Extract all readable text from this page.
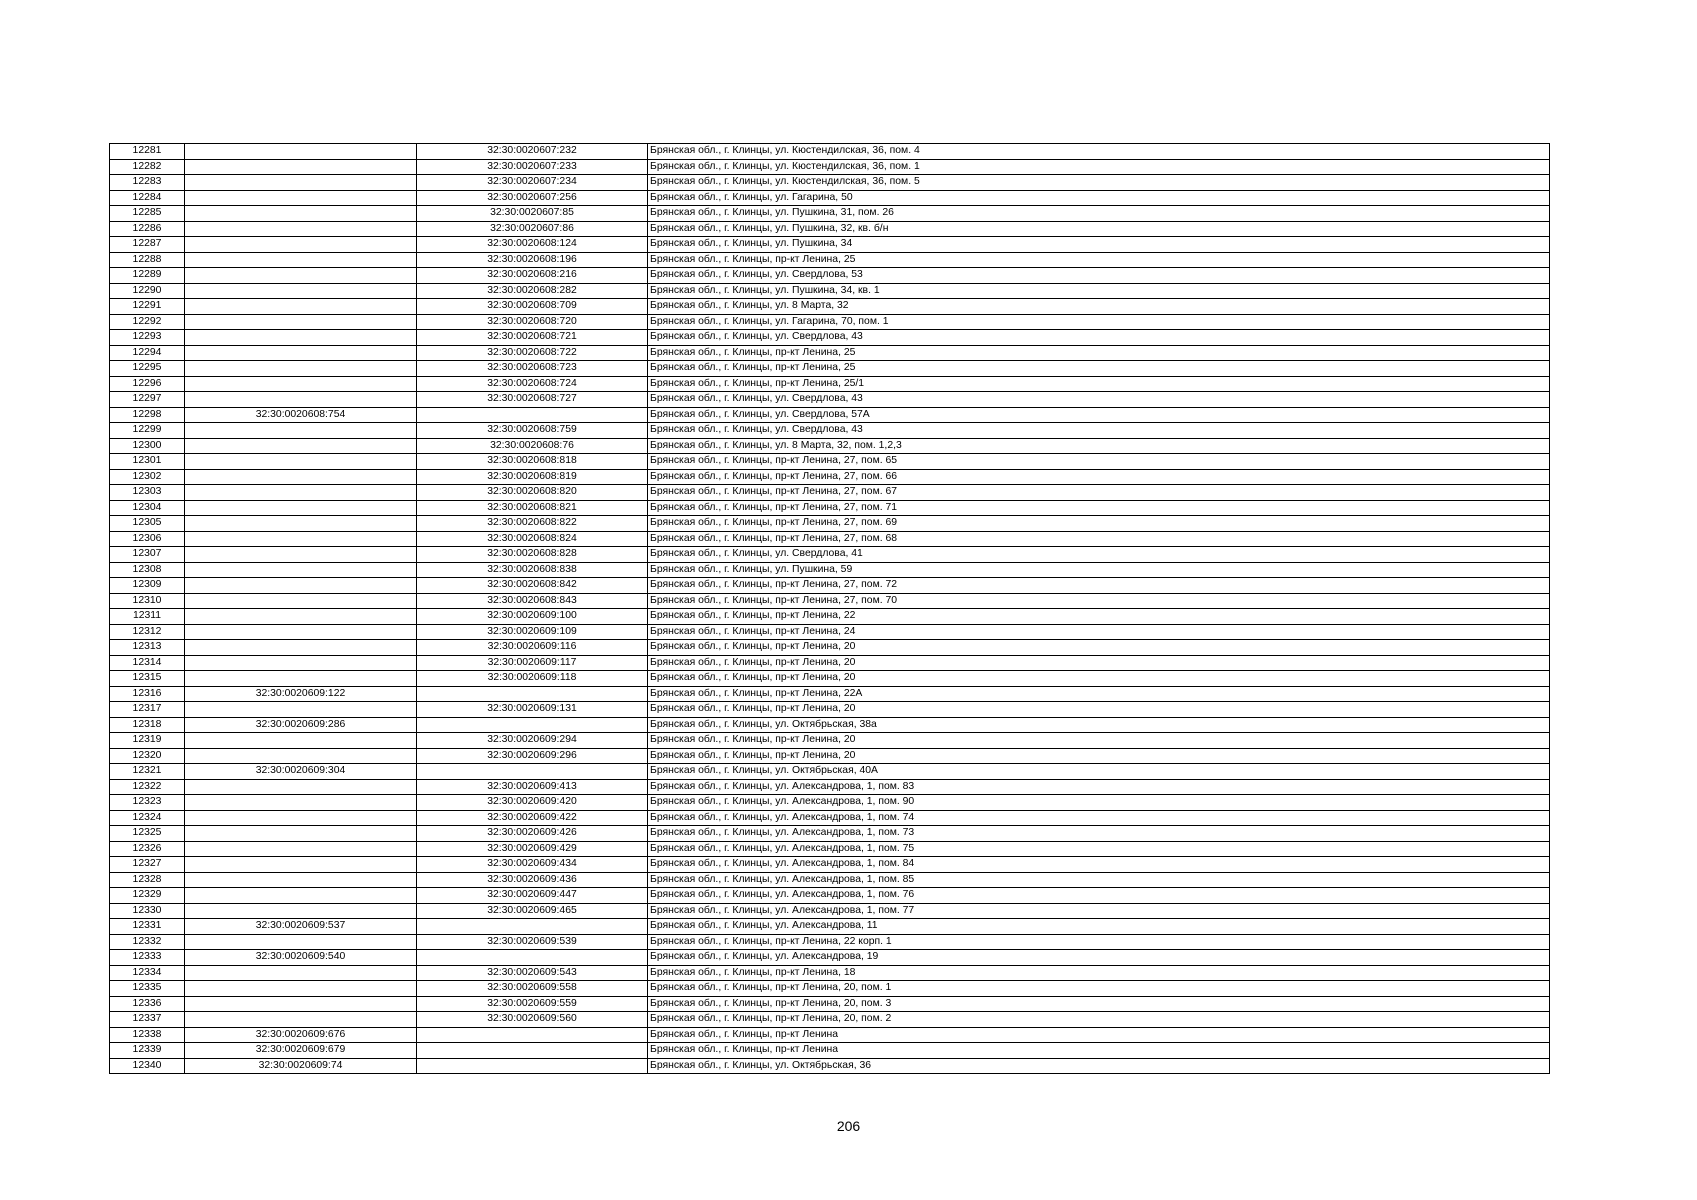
12281		32:30:0020607:232	Брянская обл., г. Клинцы, ул. Кюстендилская, 36, пом. 4
12282		32:30:0020607:233	Брянская обл., г. Клинцы, ул. Кюстендилская, 36, пом. 1
12283		32:30:0020607:234	Брянская обл., г. Клинцы, ул. Кюстендилская, 36, пом. 5
12284		32:30:0020607:256	Брянская обл., г. Клинцы, ул. Гагарина, 50
12285		32:30:0020607:85	Брянская обл., г. Клинцы, ул. Пушкина, 31, пом. 26
12286		32:30:0020607:86	Брянская обл., г. Клинцы, ул. Пушкина, 32, кв. б/н
12287		32:30:0020608:124	Брянская обл., г. Клинцы, ул. Пушкина, 34
12288		32:30:0020608:196	Брянская обл., г. Клинцы, пр-кт Ленина, 25
12289		32:30:0020608:216	Брянская обл., г. Клинцы, ул. Свердлова, 53
12290		32:30:0020608:282	Брянская обл., г. Клинцы, ул. Пушкина, 34, кв. 1
12291		32:30:0020608:709	Брянская обл., г. Клинцы, ул. 8 Марта, 32
12292		32:30:0020608:720	Брянская обл., г. Клинцы, ул. Гагарина, 70, пом. 1
12293		32:30:0020608:721	Брянская обл., г. Клинцы, ул. Свердлова, 43
12294		32:30:0020608:722	Брянская обл., г. Клинцы, пр-кт Ленина, 25
12295		32:30:0020608:723	Брянская обл., г. Клинцы, пр-кт Ленина, 25
12296		32:30:0020608:724	Брянская обл., г. Клинцы, пр-кт Ленина, 25/1
12297		32:30:0020608:727	Брянская обл., г. Клинцы, ул. Свердлова, 43
12298	32:30:0020608:754		Брянская обл., г. Клинцы, ул. Свердлова, 57А
12299		32:30:0020608:759	Брянская обл., г. Клинцы, ул. Свердлова, 43
12300		32:30:0020608:76	Брянская обл., г. Клинцы, ул. 8 Марта, 32, пом. 1,2,3
12301		32:30:0020608:818	Брянская обл., г. Клинцы, пр-кт Ленина, 27, пом. 65
12302		32:30:0020608:819	Брянская обл., г. Клинцы, пр-кт Ленина, 27, пом. 66
12303		32:30:0020608:820	Брянская обл., г. Клинцы, пр-кт Ленина, 27, пом. 67
12304		32:30:0020608:821	Брянская обл., г. Клинцы, пр-кт Ленина, 27, пом. 71
12305		32:30:0020608:822	Брянская обл., г. Клинцы, пр-кт Ленина, 27, пом. 69
12306		32:30:0020608:824	Брянская обл., г. Клинцы, пр-кт Ленина, 27, пом. 68
12307		32:30:0020608:828	Брянская обл., г. Клинцы, ул. Свердлова, 41
12308		32:30:0020608:838	Брянская обл., г. Клинцы, ул. Пушкина, 59
12309		32:30:0020608:842	Брянская обл., г. Клинцы, пр-кт Ленина, 27, пом. 72
12310		32:30:0020608:843	Брянская обл., г. Клинцы, пр-кт Ленина, 27, пом. 70
12311		32:30:0020609:100	Брянская обл., г. Клинцы, пр-кт Ленина, 22
12312		32:30:0020609:109	Брянская обл., г. Клинцы, пр-кт Ленина, 24
12313		32:30:0020609:116	Брянская обл., г. Клинцы, пр-кт Ленина, 20
12314		32:30:0020609:117	Брянская обл., г. Клинцы, пр-кт Ленина, 20
12315		32:30:0020609:118	Брянская обл., г. Клинцы, пр-кт Ленина, 20
12316	32:30:0020609:122		Брянская обл., г. Клинцы, пр-кт Ленина, 22А
12317		32:30:0020609:131	Брянская обл., г. Клинцы, пр-кт Ленина, 20
12318	32:30:0020609:286		Брянская обл., г. Клинцы, ул. Октябрьская, 38а
12319		32:30:0020609:294	Брянская обл., г. Клинцы, пр-кт Ленина, 20
12320		32:30:0020609:296	Брянская обл., г. Клинцы, пр-кт Ленина, 20
12321	32:30:0020609:304		Брянская обл., г. Клинцы, ул. Октябрьская, 40А
12322		32:30:0020609:413	Брянская обл., г. Клинцы, ул. Александрова, 1, пом. 83
12323		32:30:0020609:420	Брянская обл., г. Клинцы, ул. Александрова, 1, пом. 90
12324		32:30:0020609:422	Брянская обл., г. Клинцы, ул. Александрова, 1, пом. 74
12325		32:30:0020609:426	Брянская обл., г. Клинцы, ул. Александрова, 1, пом. 73
12326		32:30:0020609:429	Брянская обл., г. Клинцы, ул. Александрова, 1, пом. 75
12327		32:30:0020609:434	Брянская обл., г. Клинцы, ул. Александрова, 1, пом. 84
12328		32:30:0020609:436	Брянская обл., г. Клинцы, ул. Александрова, 1, пом. 85
12329		32:30:0020609:447	Брянская обл., г. Клинцы, ул. Александрова, 1, пом. 76
12330		32:30:0020609:465	Брянская обл., г. Клинцы, ул. Александрова, 1, пом. 77
12331	32:30:0020609:537		Брянская обл., г. Клинцы, ул. Александрова, 11
12332		32:30:0020609:539	Брянская обл., г. Клинцы, пр-кт Ленина, 22 корп. 1
12333	32:30:0020609:540		Брянская обл., г. Клинцы, ул. Александрова, 19
12334		32:30:0020609:543	Брянская обл., г. Клинцы, пр-кт Ленина, 18
12335		32:30:0020609:558	Брянская обл., г. Клинцы, пр-кт Ленина, 20, пом. 1
12336		32:30:0020609:559	Брянская обл., г. Клинцы, пр-кт Ленина, 20, пом. 3
12337		32:30:0020609:560	Брянская обл., г. Клинцы, пр-кт Ленина, 20, пом. 2
12338	32:30:0020609:676		Брянская обл., г. Клинцы, пр-кт Ленина
12339	32:30:0020609:679		Брянская обл., г. Клинцы, пр-кт Ленина
12340	32:30:0020609:74		Брянская обл., г. Клинцы, ул. Октябрьская, 36
206
